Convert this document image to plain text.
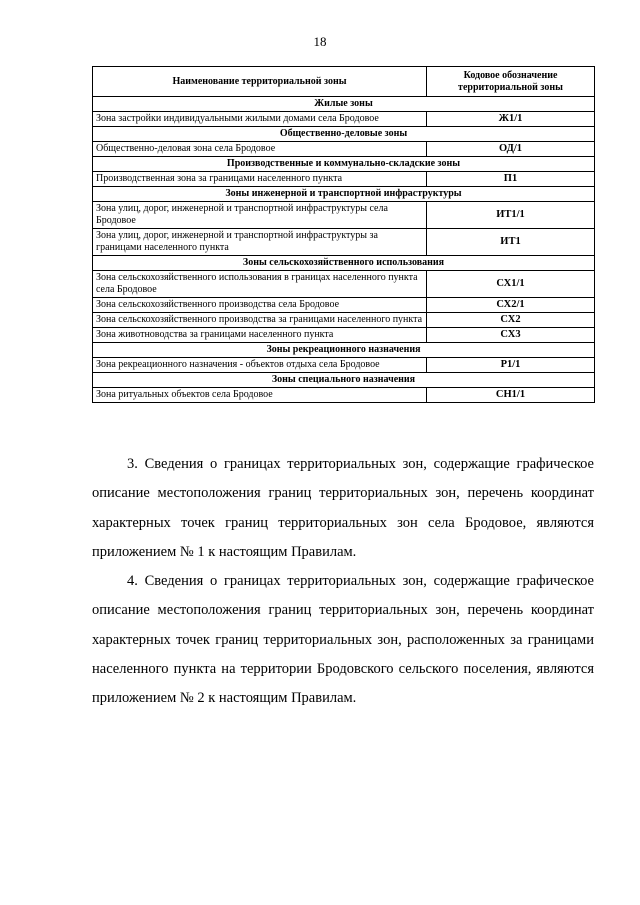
18
Наименование территориальной зоны	Кодовое обозначение территориальной зоны
Жилые зоны	
Зона застройки индивидуальными жилыми домами села Бродовое	Ж1/1
Общественно-деловые зоны	
Общественно-деловая зона села Бродовое	ОД/1
Производственные и коммунально-складские зоны	
Производственная зона за границами населенного пункта	П1
Зоны инженерной и транспортной инфраструктуры	
Зона улиц, дорог, инженерной и транспортной инфраструктуры села Бродовое	ИТ1/1
Зона улиц, дорог, инженерной и транспортной инфраструктуры за границами населенного пункта	ИТ1
Зоны сельскохозяйственного использования	
Зона сельскохозяйственного использования в границах населенного пункта села Бродовое	СХ1/1
Зона сельскохозяйственного производства села Бродовое	СХ2/1
Зона сельскохозяйственного производства за границами населенного пункта	СХ2
Зона животноводства за границами населенного пункта	СХ3
Зоны рекреационного назначения	
Зона рекреационного назначения - объектов отдыха села Бродовое	Р1/1
Зоны специального назначения	
Зона ритуальных объектов села Бродовое	СН1/1

3. Сведения о границах территориальных зон, содержащие графическое описание местоположения границ территориальных зон, перечень координат характерных точек границ территориальных зон села Бродовое, являются приложением № 1 к настоящим Правилам.

4. Сведения о границах территориальных зон, содержащие графическое описание местоположения границ территориальных зон, перечень координат характерных точек границ территориальных зон, расположенных за границами населенного пункта на территории Бродовского сельского поселения, являются приложением № 2 к настоящим Правилам.
